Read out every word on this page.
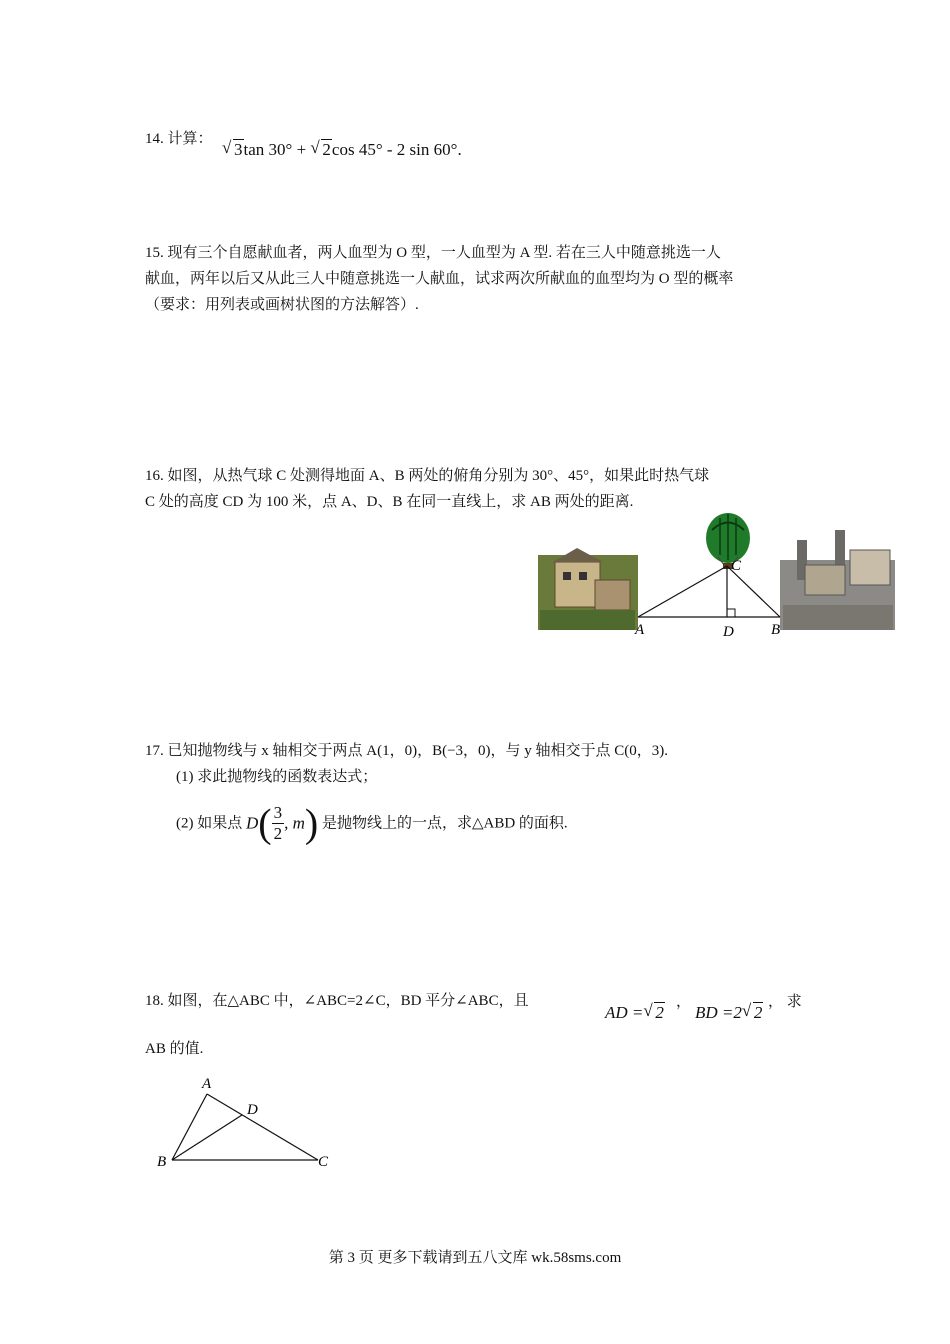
14. 计算：
√ 3tan 30° + √ 2cos 45° - 2 sin 60°.
15. 现有三个自愿献血者，两人血型为 O 型，一人血型为 A 型. 若在三人中随意挑选一人
献血，两年以后又从此三人中随意挑选一人献血，试求两次所献血的血型均为 O 型的概率
（要求：用列表或画树状图的方法解答）.
16. 如图，从热气球 C 处测得地面 A、B 两处的俯角分别为 30°、45°，如果此时热气球
C 处的高度 CD 为 100 米，点 A、D、B 在同一直线上，求 AB 两处的距离.
A	D B
C
17. 已知抛物线与 x 轴相交于两点 A(1，0)，B(−3，0)，与 y 轴相交于点 C(0，3).
(1) 求此抛物线的函数表达式；
(2) 如果点 $D( \frac{3}{2}$ , m) 是抛物线上的一点，求△ABD 的面积.
18. 如图，在△ABC 中，∠ABC=2∠C，BD 平分∠ABC，且
AD = √ 2
，
BD =2 √ 2
， 求
AB 的值.
A
D
B	C
第 3 页 更多下载请到五八文库 wk.58sms.com
